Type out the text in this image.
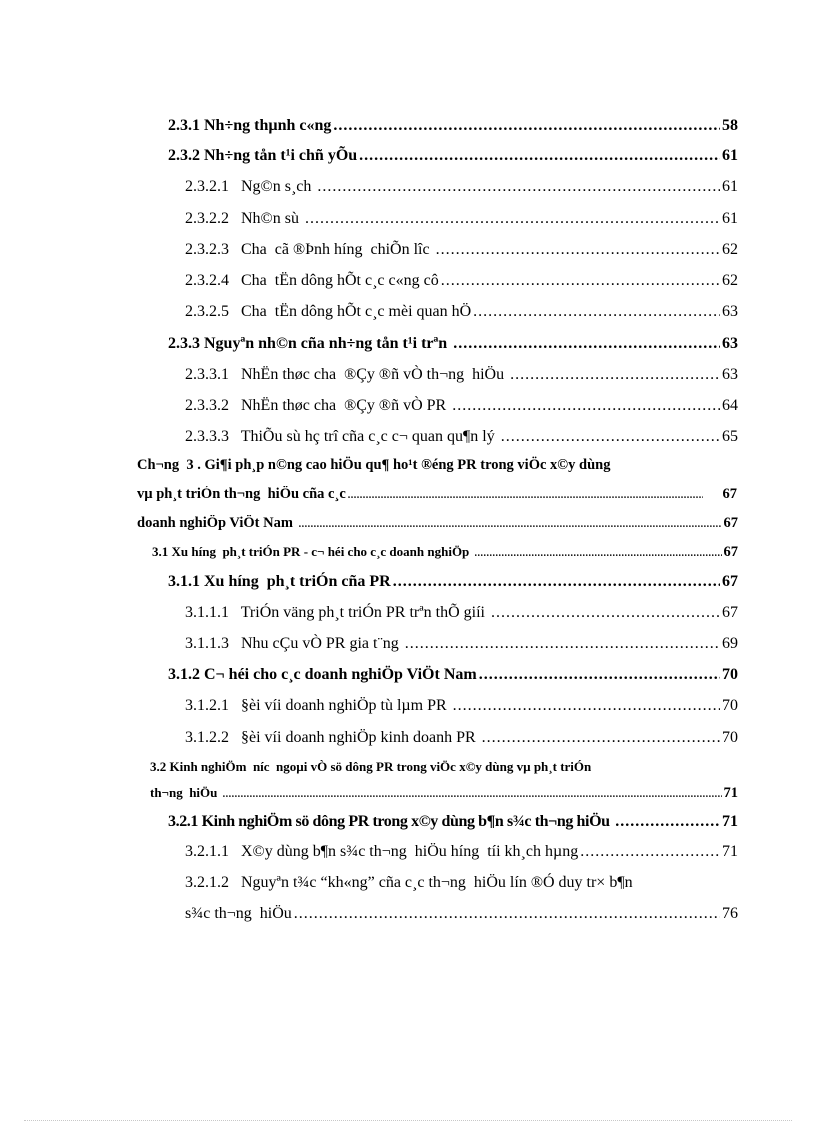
2.3.1 Nh÷ng thµnh c«ng .....	58
2.3.2 Nh÷ng tån t¹i chñ yÕu .....	61
2.3.2.1   Ng©n s¸ch .....	61
2.3.2.2   Nh©n sù .....	61
2.3.2.3   Cha  cã ®Þnh híng  chiÕn lîc .....	62
2.3.2.4   Cha  tËn dông hÕt c¸c c«ng cô .....	62
2.3.2.5   Cha  tËn dông hÕt c¸c mèi quan hÖ .....	63
2.3.3 Nguyªn nh©n cña nh÷ng tån t¹i trªn .....	63
2.3.3.1   NhËn thøc cha  ®Çy ®ñ vÒ th¬ng  hiÖu .....	63
2.3.3.2   NhËn thøc cha  ®Çy ®ñ vÒ PR .....	64
2.3.3.3   ThiÕu sù hç trî cña c¸c c¬ quan qu¶n lý .....	65
Ch¬ng  3 . Gi¶i ph¸p n©ng cao hiÖu qu¶ ho¹t ®éng PR trong viÖc x©y dùng
vµ ph¸t triÓn th¬ng  hiÖu cña c¸c .....	67
doanh nghiÖp ViÖt Nam .....	67
3.1 Xu híng  ph¸t triÓn PR - c¬ héi cho c¸c doanh nghiÖp .....	67
3.1.1 Xu híng  ph¸t triÓn cña PR .....	67
3.1.1.1   TriÓn väng ph¸t triÓn PR trªn thÕ giíi .....	67
3.1.1.3   Nhu cÇu vÒ PR gia t¨ng .....	69
3.1.2 C¬ héi cho c¸c doanh nghiÖp ViÖt Nam .....	70
3.1.2.1   §èi víi doanh nghiÖp tù lµm PR .....	70
3.1.2.2   §èi víi doanh nghiÖp kinh doanh PR .....	70
3.2 Kinh nghiÖm  níc  ngoµi vÒ sö dông PR trong viÖc x©y dùng vµ ph¸t triÓn
th¬ng  hiÖu .....	71
3.2.1 Kinh nghiÖm sö dông PR trong x©y dùng b¶n s¾c th¬ng hiÖu .....	71
3.2.1.1   X©y dùng b¶n s¾c th¬ng  hiÖu híng  tíi kh¸ch hµng .....	71
3.2.1.2   Nguyªn t¾c “kh«ng” cña c¸c th¬ng  hiÖu lín ®Ó duy tr× b¶n
s¾c th¬ng  hiÖu .....	76
